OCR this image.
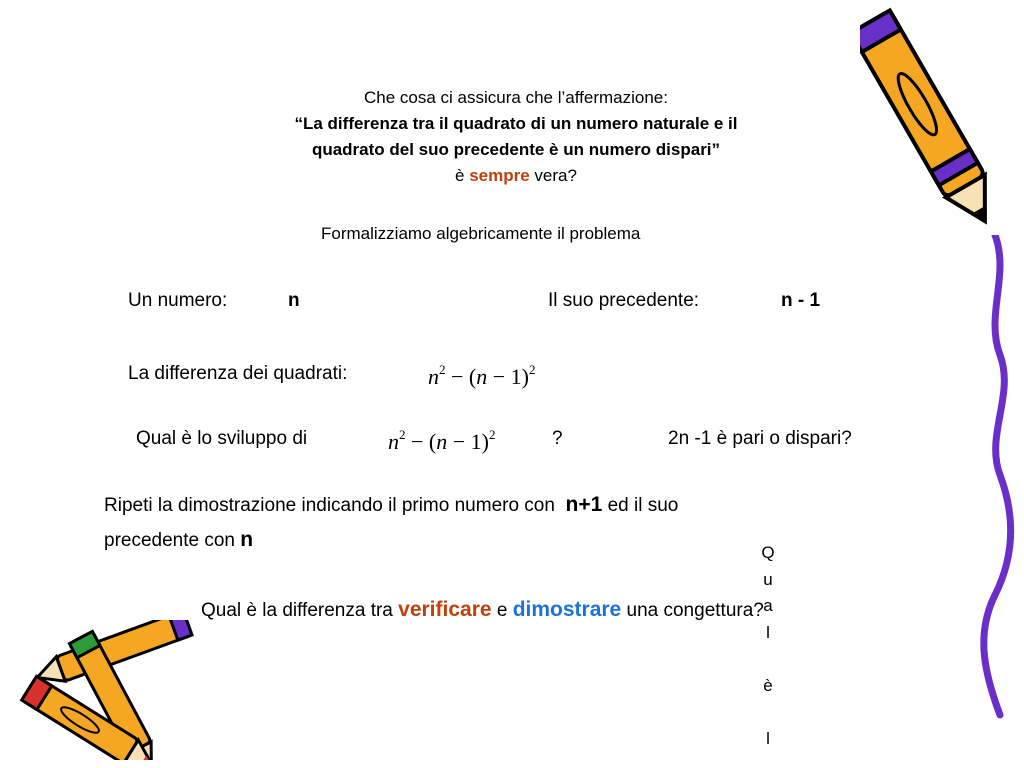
Che cosa ci assicura che l’affermazione:
“La differenza tra il quadrato di un numero naturale e il
quadrato del suo precedente è un numero dispari”
è sempre vera?
Formalizziamo algebricamente il problema
Un numero:	n	Il suo precedente:	n - 1
La differenza dei quadrati:	$n^2 - (n - 1)^2$
Qual è lo sviluppo di	$n^2 - (n - 1)^2$	?	2n -1 è pari o dispari?
Ripeti la dimostrazione indicando il primo numero con n+1 ed il suo
precedente con n
Qual è la differenza tra verificare e dimostrare una congettura?
Q
u
a
l

è

l
